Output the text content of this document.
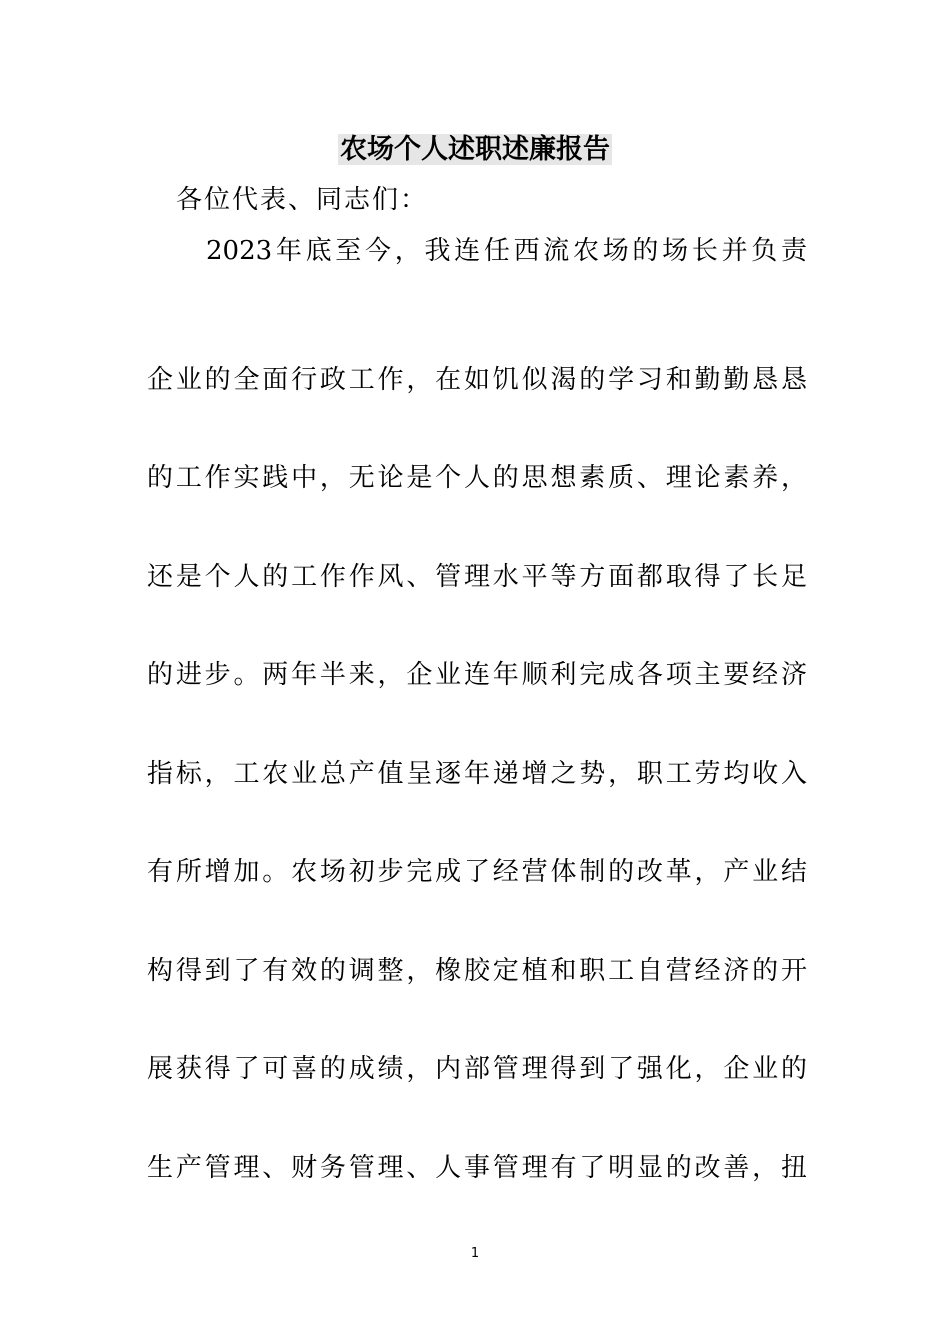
农场个人述职述廉报告
各位代表、同志们：
2023年底至今，我连任西流农场的场长并负责
企业的全面行政工作，在如饥似渴的学习和勤勤恳恳
的工作实践中，无论是个人的思想素质、理论素养，
还是个人的工作作风、管理水平等方面都取得了长足
的进步。两年半来，企业连年顺利完成各项主要经济
指标，工农业总产值呈逐年递增之势，职工劳均收入
有所增加。农场初步完成了经营体制的改革，产业结
构得到了有效的调整，橡胶定植和职工自营经济的开
展获得了可喜的成绩，内部管理得到了强化，企业的
生产管理、财务管理、人事管理有了明显的改善，扭
1
